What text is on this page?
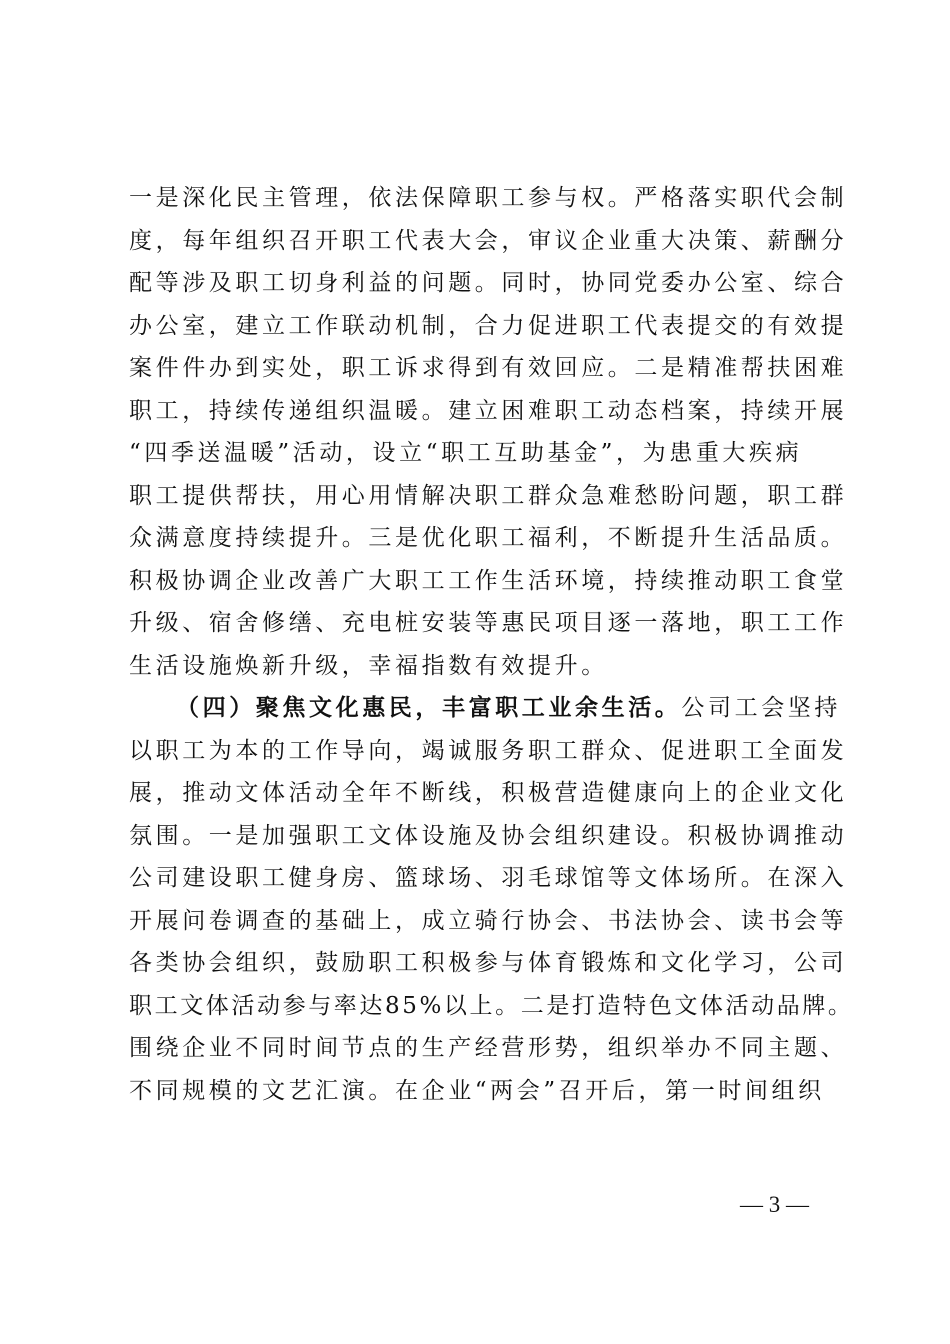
一是深化民主管理，依法保障职工参与权。严格落实职代会制
度，每年组织召开职工代表大会，审议企业重大决策、薪酬分
配等涉及职工切身利益的问题。同时，协同党委办公室、综合
办公室，建立工作联动机制，合力促进职工代表提交的有效提
案件件办到实处，职工诉求得到有效回应。二是精准帮扶困难
职工，持续传递组织温暖。建立困难职工动态档案，持续开展
“四季送温暖”活动，设立“职工互助基金”，为患重大疾病
职工提供帮扶，用心用情解决职工群众急难愁盼问题，职工群
众满意度持续提升。三是优化职工福利，不断提升生活品质。
积极协调企业改善广大职工工作生活环境，持续推动职工食堂
升级、宿舍修缮、充电桩安装等惠民项目逐一落地，职工工作
生活设施焕新升级，幸福指数有效提升。
（四）聚焦文化惠民，丰富职工业余生活。公司工会坚持
以职工为本的工作导向，竭诚服务职工群众、促进职工全面发
展，推动文体活动全年不断线，积极营造健康向上的企业文化
氛围。一是加强职工文体设施及协会组织建设。积极协调推动
公司建设职工健身房、篮球场、羽毛球馆等文体场所。在深入
开展问卷调查的基础上，成立骑行协会、书法协会、读书会等
各类协会组织，鼓励职工积极参与体育锻炼和文化学习，公司
职工文体活动参与率达85%以上。二是打造特色文体活动品牌。
围绕企业不同时间节点的生产经营形势，组织举办不同主题、
不同规模的文艺汇演。在企业“两会”召开后，第一时间组织
— 3 —
